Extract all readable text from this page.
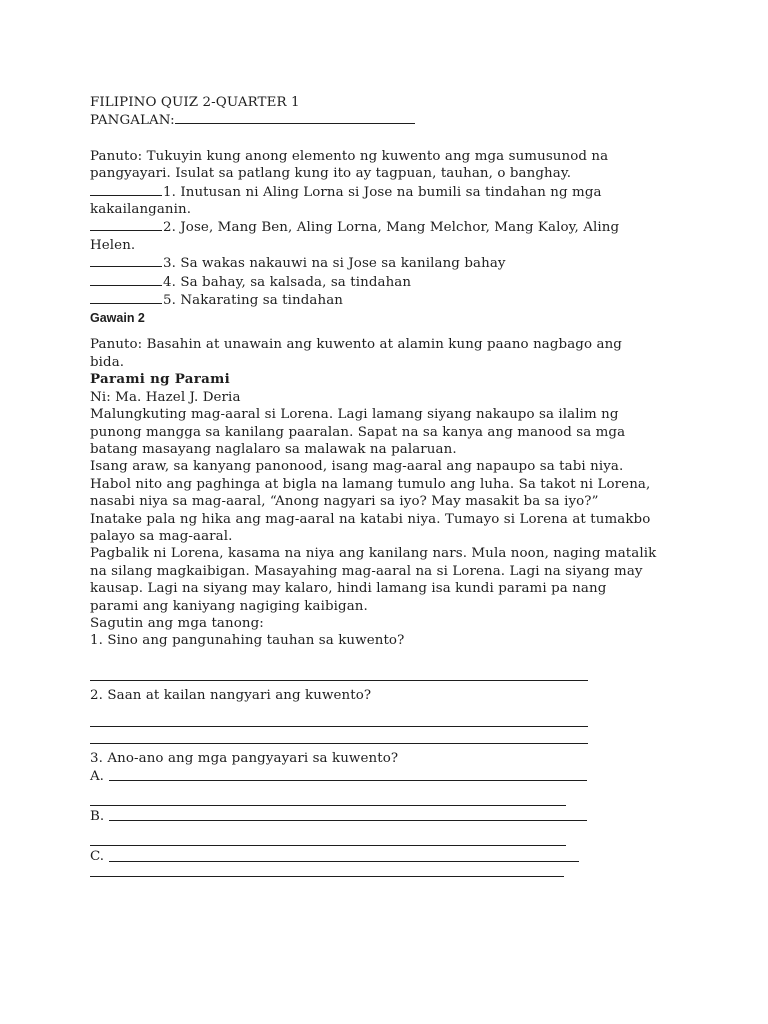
FILIPINO QUIZ 2-QUARTER 1
PANGALAN:
Panuto: Tukuyin kung anong elemento ng kuwento ang mga sumusunod na
pangyayari. Isulat sa patlang kung ito ay tagpuan, tauhan, o banghay.
1. Inutusan ni Aling Lorna si Jose na bumili sa tindahan ng mga
kakailanganin.
2. Jose, Mang Ben, Aling Lorna, Mang Melchor, Mang Kaloy, Aling
Helen.
3. Sa wakas nakauwi na si Jose sa kanilang bahay
4. Sa bahay, sa kalsada, sa tindahan
5. Nakarating sa tindahan
Gawain 2
Panuto: Basahin at unawain ang kuwento at alamin kung paano nagbago ang
bida.
Parami ng Parami
Ni: Ma. Hazel J. Deria
Malungkuting mag-aaral si Lorena. Lagi lamang siyang nakaupo sa ilalim ng
punong mangga sa kanilang paaralan. Sapat na sa kanya ang manood sa mga
batang masayang naglalaro sa malawak na palaruan.
Isang araw, sa kanyang panonood, isang mag-aaral ang napaupo sa tabi niya.
Habol nito ang paghinga at bigla na lamang tumulo ang luha. Sa takot ni Lorena,
nasabi niya sa mag-aaral, “Anong nagyari sa iyo? May masakit ba sa iyo?”
Inatake pala ng hika ang mag-aaral na katabi niya. Tumayo si Lorena at tumakbo
palayo sa mag-aaral.
Pagbalik ni Lorena, kasama na niya ang kanilang nars. Mula noon, naging matalik
na silang magkaibigan. Masayahing mag-aaral na si Lorena. Lagi na siyang may
kausap. Lagi na siyang may kalaro, hindi lamang isa kundi parami pa nang
parami ang kaniyang nagiging kaibigan.
Sagutin ang mga tanong:
1. Sino ang pangunahing tauhan sa kuwento?
2. Saan at kailan nangyari ang kuwento?
3. Ano-ano ang mga pangyayari sa kuwento?
A.
B.
C.
